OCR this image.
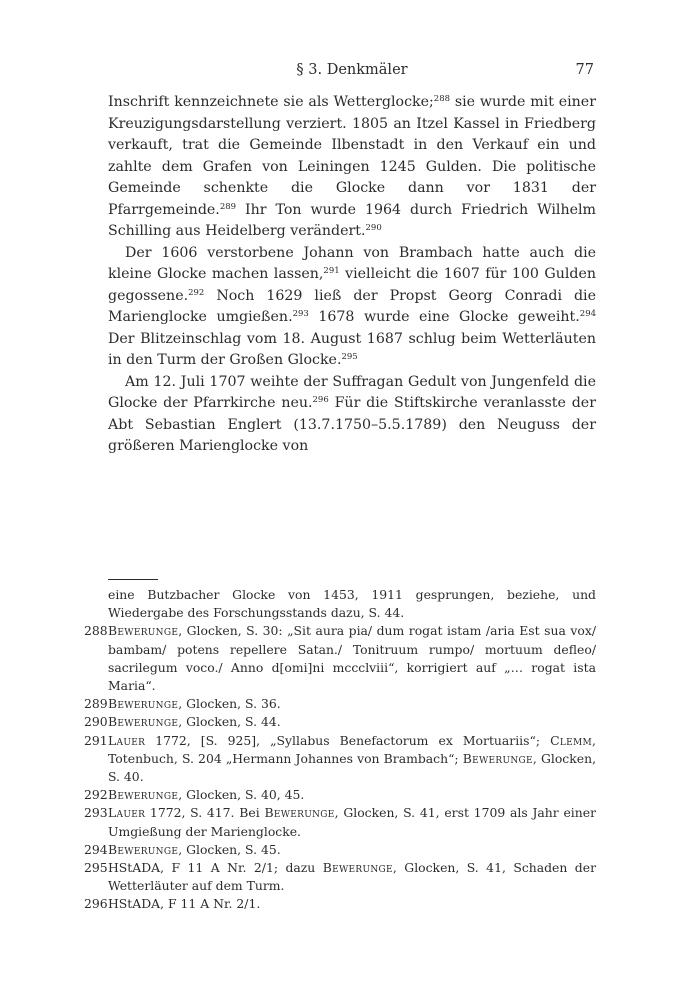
§ 3. Denkmäler	77

Inschrift kennzeichnete sie als Wetterglocke;$^{288}$ sie wurde mit einer Kreuzigungsdarstellung verziert. 1805 an Itzel Kassel in Friedberg verkauft, trat die Gemeinde Ilbenstadt in den Verkauf ein und zahlte dem Grafen von Leiningen 1245 Gulden. Die politische Gemeinde schenkte die Glocke dann vor 1831 der Pfarrgemeinde.$^{289}$ Ihr Ton wurde 1964 durch Friedrich Wilhelm Schilling aus Heidelberg verändert.$^{290}$

Der 1606 verstorbene Johann von Brambach hatte auch die kleine Glocke machen lassen,$^{291}$ vielleicht die 1607 für 100 Gulden gegossene.$^{292}$ Noch 1629 ließ der Propst Georg Conradi die Marienglocke umgießen.$^{293}$ 1678 wurde eine Glocke geweiht.$^{294}$ Der Blitzeinschlag vom 18. August 1687 schlug beim Wetterläuten in den Turm der Großen Glocke.$^{295}$

Am 12. Juli 1707 weihte der Suffragan Gedult von Jungenfeld die Glocke der Pfarrkirche neu.$^{296}$ Für die Stiftskirche veranlasste der Abt Sebastian Englert (13.7.1750–5.5.1789) den Neuguss der größeren Marienglocke von

eine Butzbacher Glocke von 1453, 1911 gesprungen, beziehe, und Wiedergabe des Forschungsstands dazu, S. 44.
288 Bewerunge, Glocken, S. 30: „Sit aura pia/ dum rogat istam /aria Est sua vox/ bambam/ potens repellere Satan./ Tonitruum rumpo/ mortuum defleo/ sacrilegum voco./ Anno d[omi]ni mccclviii“, korrigiert auf „… rogat ista Maria“.
289 Bewerunge, Glocken, S. 36.
290 Bewerunge, Glocken, S. 44.
291 Lauer 1772, [S. 925], „Syllabus Benefactorum ex Mortuariis“; Clemm, Totenbuch, S. 204 „Hermann Johannes von Brambach“; Bewerunge, Glocken, S. 40.
292 Bewerunge, Glocken, S. 40, 45.
293 Lauer 1772, S. 417. Bei Bewerunge, Glocken, S. 41, erst 1709 als Jahr einer Umgießung der Marienglocke.
294 Bewerunge, Glocken, S. 45.
295 HStADA, F 11 A Nr. 2/1; dazu Bewerunge, Glocken, S. 41, Schaden der Wetterläuter auf dem Turm.
296 HStADA, F 11 A Nr. 2/1.
